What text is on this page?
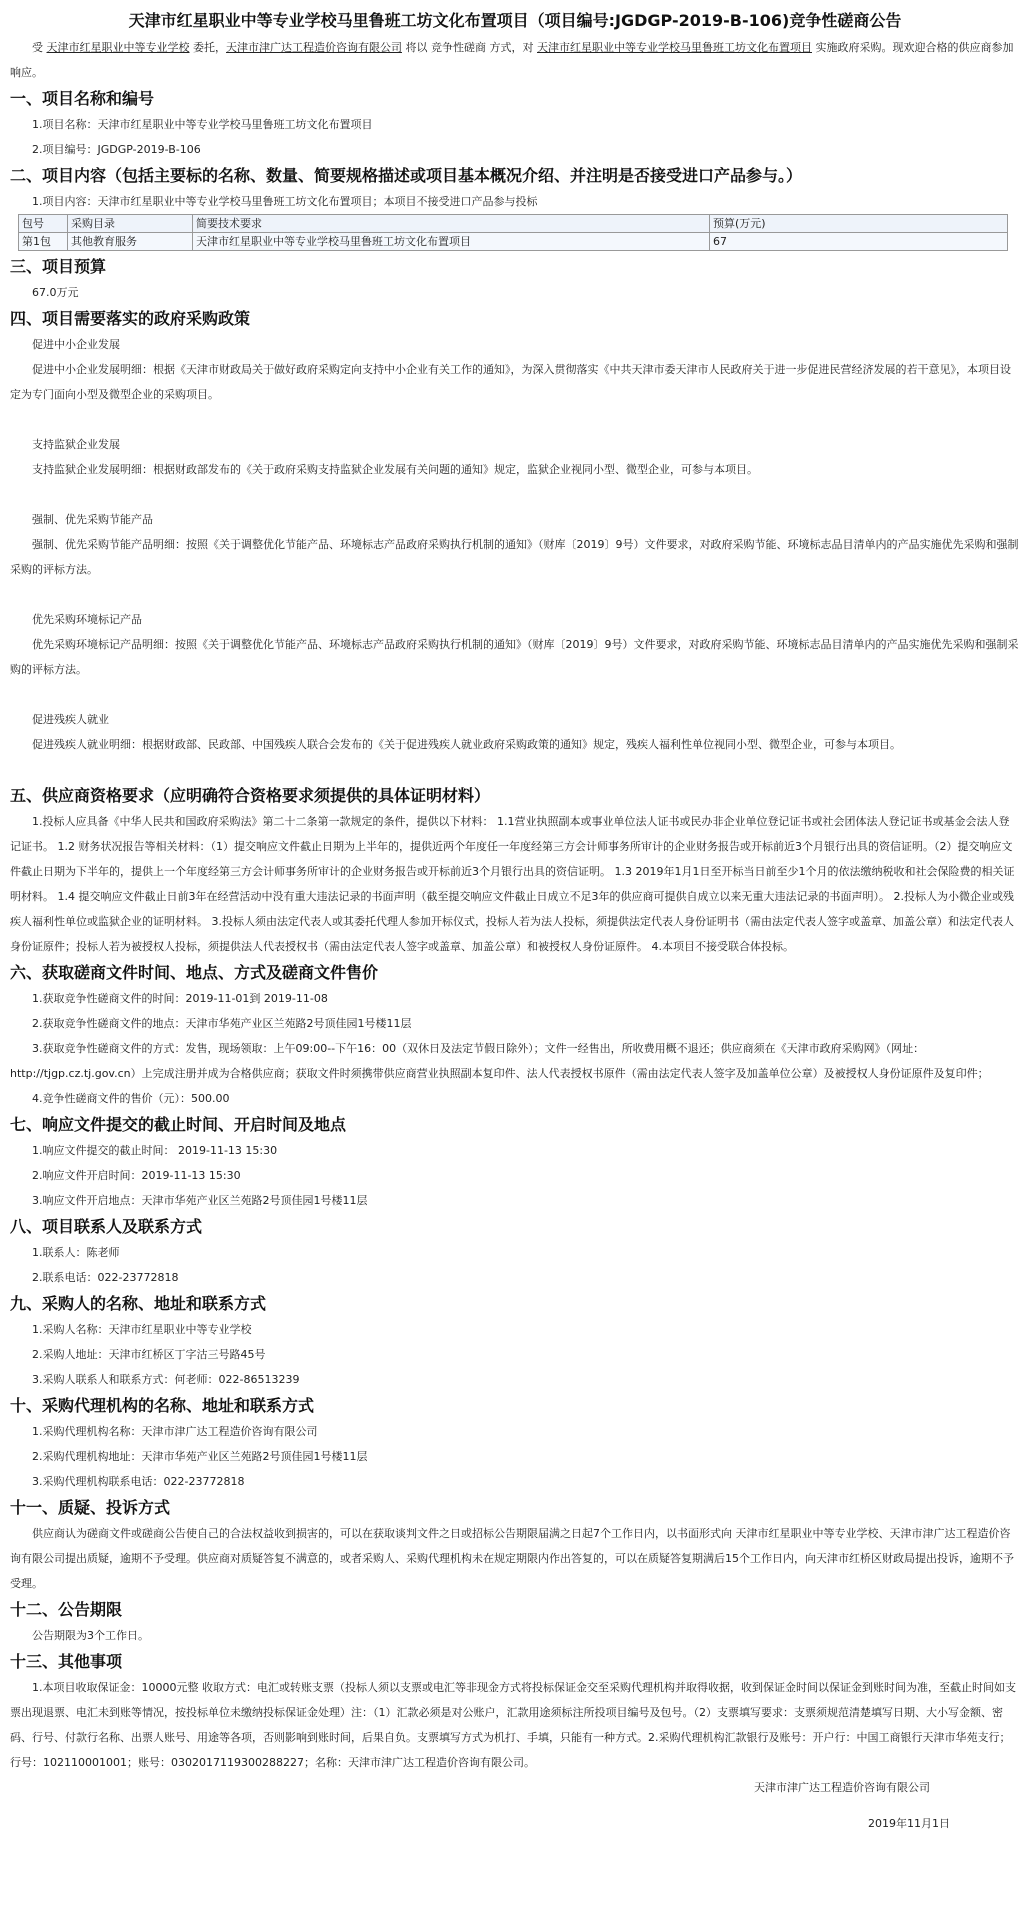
天津市红星职业中等专业学校马里鲁班工坊文化布置项目（项目编号:JGDGP-2019-B-106)竞争性磋商公告

受 天津市红星职业中等专业学校 委托，天津市津广达工程造价咨询有限公司 将以 竞争性磋商 方式，对 天津市红星职业中等专业学校马里鲁班工坊文化布置项目 实施政府采购。现欢迎合格的供应商参加响应。

一、项目名称和编号

1.项目名称：天津市红星职业中等专业学校马里鲁班工坊文化布置项目

2.项目编号：JGDGP-2019-B-106

二、项目内容（包括主要标的名称、数量、简要规格描述或项目基本概况介绍、并注明是否接受进口产品参与。）

1.项目内容：天津市红星职业中等专业学校马里鲁班工坊文化布置项目；本项目不接受进口产品参与投标

包号	采购目录	简要技术要求	预算(万元)
第1包	其他教育服务	天津市红星职业中等专业学校马里鲁班工坊文化布置项目	67
三、项目预算

67.0万元

四、项目需要落实的政府采购政策

促进中小企业发展

促进中小企业发展明细：根据《天津市财政局关于做好政府采购定向支持中小企业有关工作的通知》，为深入贯彻落实《中共天津市委天津市人民政府关于进一步促进民营经济发展的若干意见》，本项目设定为专门面向小型及微型企业的采购项目。

支持监狱企业发展

支持监狱企业发展明细：根据财政部发布的《关于政府采购支持监狱企业发展有关问题的通知》规定，监狱企业视同小型、微型企业，可参与本项目。

强制、优先采购节能产品

强制、优先采购节能产品明细：按照《关于调整优化节能产品、环境标志产品政府采购执行机制的通知》（财库〔2019〕9号）文件要求，对政府采购节能、环境标志品目清单内的产品实施优先采购和强制采购的评标方法。

优先采购环境标记产品

优先采购环境标记产品明细：按照《关于调整优化节能产品、环境标志产品政府采购执行机制的通知》（财库〔2019〕9号）文件要求，对政府采购节能、环境标志品目清单内的产品实施优先采购和强制采购的评标方法。

促进残疾人就业

促进残疾人就业明细：根据财政部、民政部、中国残疾人联合会发布的《关于促进残疾人就业政府采购政策的通知》规定，残疾人福利性单位视同小型、微型企业，可参与本项目。

五、供应商资格要求（应明确符合资格要求须提供的具体证明材料）

1.投标人应具备《中华人民共和国政府采购法》第二十二条第一款规定的条件，提供以下材料： 1.1营业执照副本或事业单位法人证书或民办非企业单位登记证书或社会团体法人登记证书或基金会法人登记证书。 1.2 财务状况报告等相关材料：（1）提交响应文件截止日期为上半年的，提供近两个年度任一年度经第三方会计师事务所审计的企业财务报告或开标前近3个月银行出具的资信证明。（2）提交响应文件截止日期为下半年的，提供上一个年度经第三方会计师事务所审计的企业财务报告或开标前近3个月银行出具的资信证明。 1.3 2019年1月1日至开标当日前至少1个月的依法缴纳税收和社会保险费的相关证明材料。 1.4 提交响应文件截止日前3年在经营活动中没有重大违法记录的书面声明（截至提交响应文件截止日成立不足3年的供应商可提供自成立以来无重大违法记录的书面声明）。 2.投标人为小微企业或残疾人福利性单位或监狱企业的证明材料。 3.投标人须由法定代表人或其委托代理人参加开标仪式，投标人若为法人投标，须提供法定代表人身份证明书（需由法定代表人签字或盖章、加盖公章）和法定代表人身份证原件；投标人若为被授权人投标，须提供法人代表授权书（需由法定代表人签字或盖章、加盖公章）和被授权人身份证原件。 4.本项目不接受联合体投标。

六、获取磋商文件时间、地点、方式及磋商文件售价

1.获取竞争性磋商文件的时间：2019-11-01到 2019-11-08

2.获取竞争性磋商文件的地点：天津市华苑产业区兰苑路2号顶佳园1号楼11层

3.获取竞争性磋商文件的方式：发售，现场领取：上午09:00--下午16：00（双休日及法定节假日除外）；文件一经售出，所收费用概不退还；供应商须在《天津市政府采购网》（网址：http://tjgp.cz.tj.gov.cn）上完成注册并成为合格供应商；获取文件时须携带供应商营业执照副本复印件、法人代表授权书原件（需由法定代表人签字及加盖单位公章）及被授权人身份证原件及复印件；

4.竞争性磋商文件的售价（元）：500.00

七、响应文件提交的截止时间、开启时间及地点

1.响应文件提交的截止时间： 2019-11-13 15:30

2.响应文件开启时间：2019-11-13 15:30

3.响应文件开启地点：天津市华苑产业区兰苑路2号顶佳园1号楼11层

八、项目联系人及联系方式

1.联系人：陈老师

2.联系电话：022-23772818

九、采购人的名称、地址和联系方式

1.采购人名称：天津市红星职业中等专业学校

2.采购人地址：天津市红桥区丁字沽三号路45号

3.采购人联系人和联系方式：何老师：022-86513239

十、采购代理机构的名称、地址和联系方式

1.采购代理机构名称：天津市津广达工程造价咨询有限公司

2.采购代理机构地址：天津市华苑产业区兰苑路2号顶佳园1号楼11层

3.采购代理机构联系电话：022-23772818

十一、质疑、投诉方式

供应商认为磋商文件或磋商公告使自己的合法权益收到损害的，可以在获取谈判文件之日或招标公告期限届满之日起7个工作日内，以书面形式向 天津市红星职业中等专业学校、天津市津广达工程造价咨询有限公司提出质疑，逾期不予受理。供应商对质疑答复不满意的，或者采购人、采购代理机构未在规定期限内作出答复的，可以在质疑答复期满后15个工作日内，向天津市红桥区财政局提出投诉，逾期不予受理。

十二、公告期限

公告期限为3个工作日。

十三、其他事项

1.本项目收取保证金：10000元整 收取方式：电汇或转账支票（投标人须以支票或电汇等非现金方式将投标保证金交至采购代理机构并取得收据，收到保证金时间以保证金到账时间为准，至截止时间如支票出现退票、电汇未到账等情况，按投标单位未缴纳投标保证金处理）注：（1）汇款必须是对公账户，汇款用途须标注所投项目编号及包号。（2）支票填写要求：支票须规范清楚填写日期、大小写金额、密码、行号、付款行名称、出票人账号、用途等各项，否则影响到账时间，后果自负。支票填写方式为机打、手填，只能有一种方式。2.采购代理机构汇款银行及账号：开户行：中国工商银行天津市华苑支行；行号：102110001001；账号：0302017119300288227；名称：天津市津广达工程造价咨询有限公司。

天津市津广达工程造价咨询有限公司
2019年11月1日
